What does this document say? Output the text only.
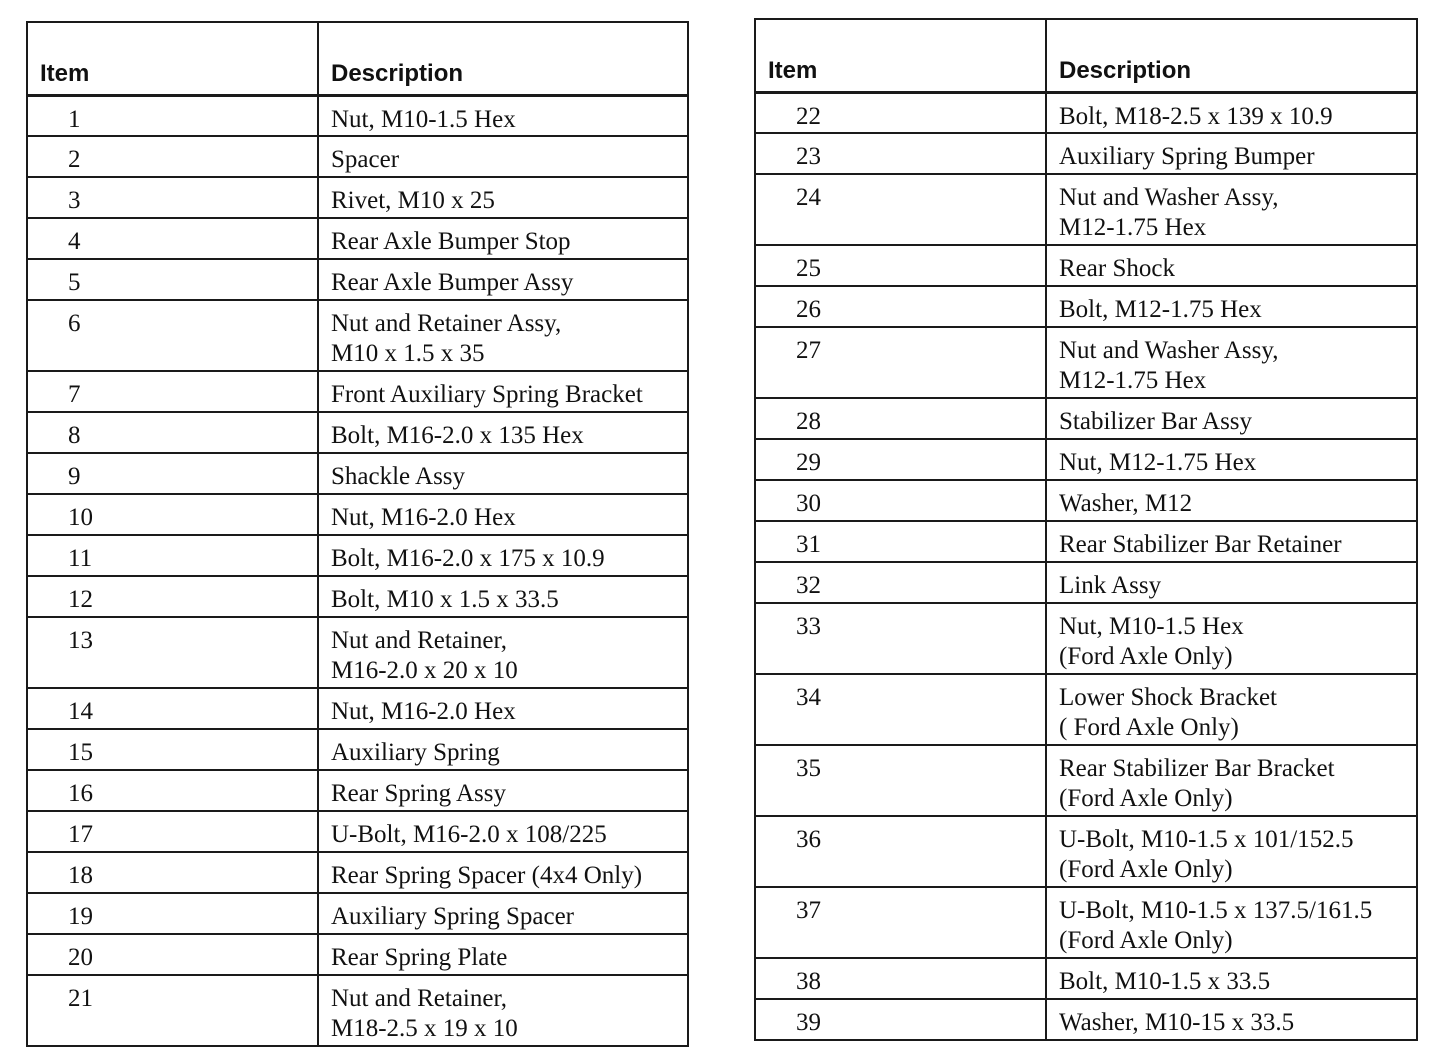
Item	Description
1	Nut, M10-1.5 Hex

2	Spacer

3	Rivet, M10 x 25

4	Rear Axle Bumper Stop

5	Rear Axle Bumper Assy

6	Nut and Retainer Assy,
M10 x 1.5 x 35

7	Front Auxiliary Spring Bracket

8	Bolt, M16-2.0 x 135 Hex

9	Shackle Assy

10	Nut, M16-2.0 Hex

11	Bolt, M16-2.0 x 175 x 10.9

12	Bolt, M10 x 1.5 x 33.5

13	Nut and Retainer,
M16-2.0 x 20 x 10

14	Nut, M16-2.0 Hex

15	Auxiliary Spring

16	Rear Spring Assy

17	U-Bolt, M16-2.0 x 108/225

18	Rear Spring Spacer (4x4 Only)

19	Auxiliary Spring Spacer

20	Rear Spring Plate

21	Nut and Retainer,
M18-2.5 x 19 x 10
Item	Description
22	Bolt, M18-2.5 x 139 x 10.9

23	Auxiliary Spring Bumper

24	Nut and Washer Assy,
M12-1.75 Hex

25	Rear Shock

26	Bolt, M12-1.75 Hex

27	Nut and Washer Assy,
M12-1.75 Hex

28	Stabilizer Bar Assy

29	Nut, M12-1.75 Hex

30	Washer, M12

31	Rear Stabilizer Bar Retainer

32	Link Assy

33	Nut, M10-1.5 Hex
(Ford Axle Only)

34	Lower Shock Bracket
( Ford Axle Only)

35	Rear Stabilizer Bar Bracket
(Ford Axle Only)

36	U-Bolt, M10-1.5 x 101/152.5
(Ford Axle Only)

37	U-Bolt, M10-1.5 x 137.5/161.5
(Ford Axle Only)

38	Bolt, M10-1.5 x 33.5

39	Washer, M10-15 x 33.5
